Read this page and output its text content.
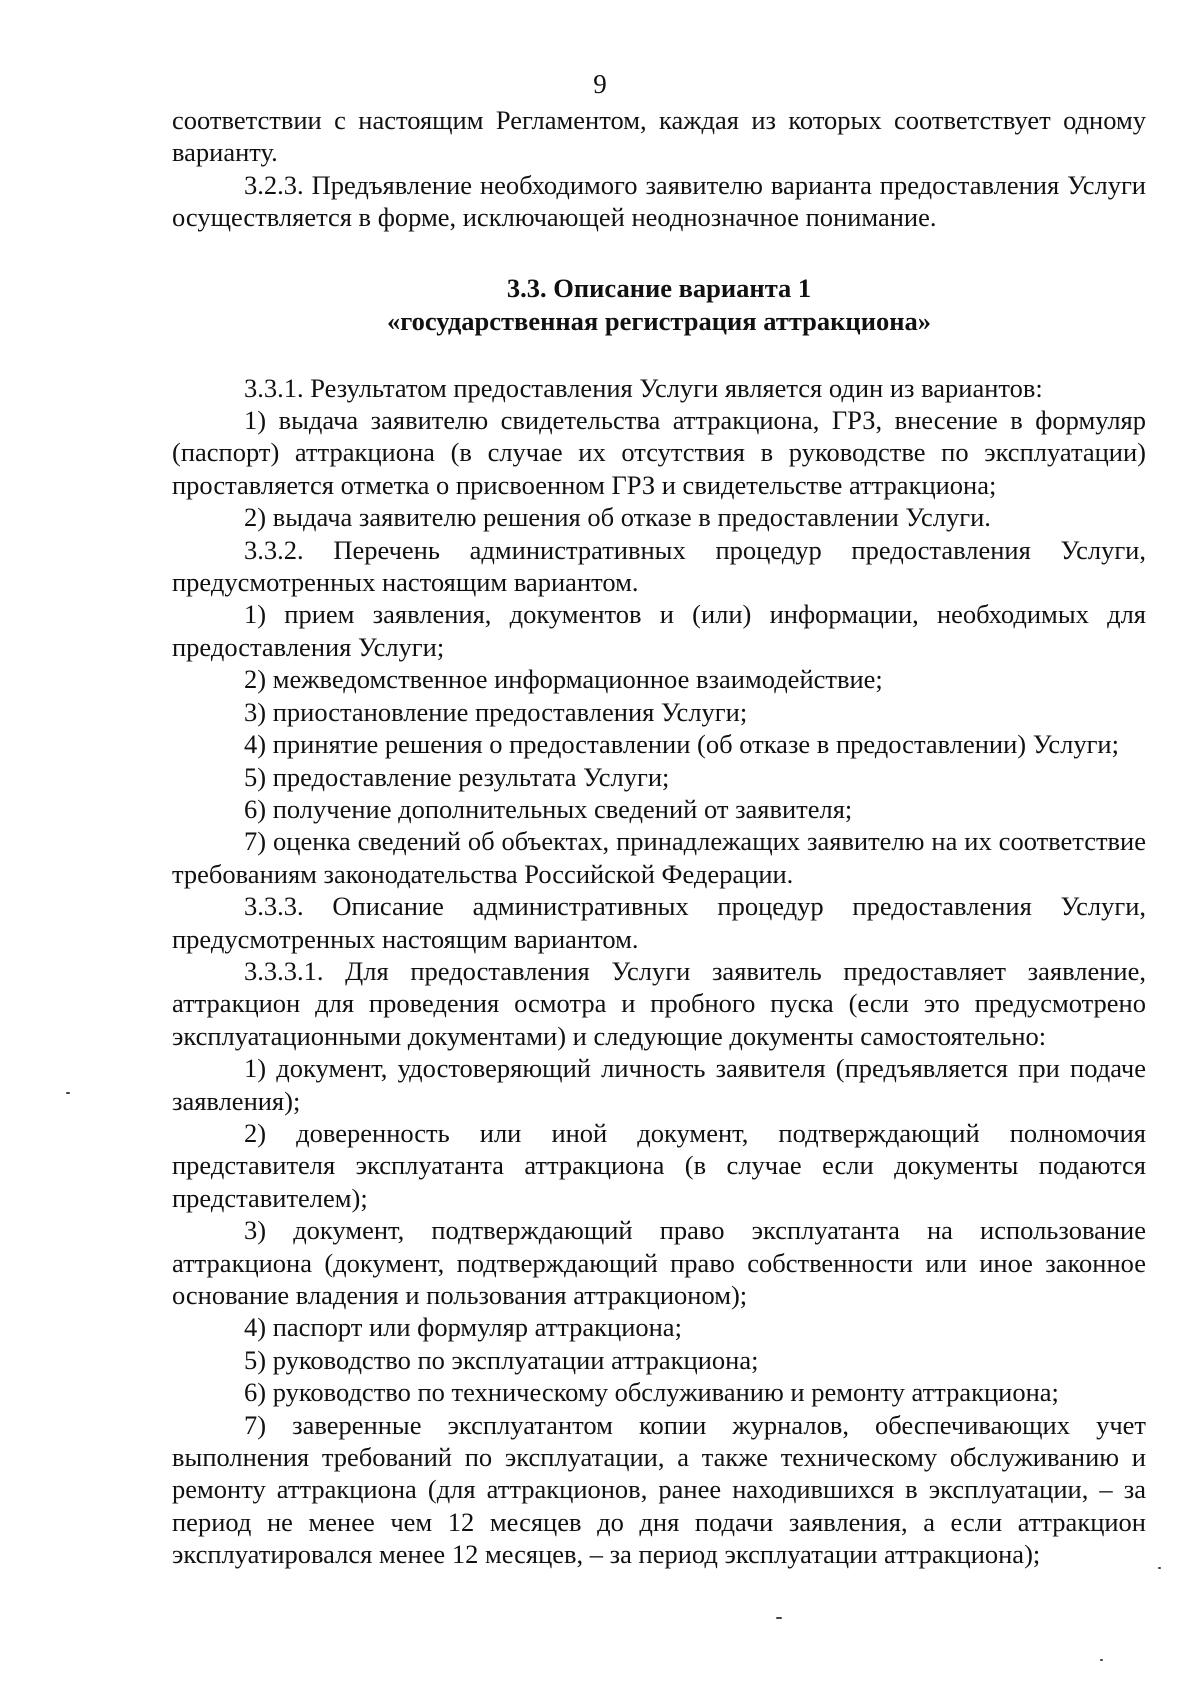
9

соответствии с настоящим Регламентом, каждая из которых соответствует одному варианту.

3.2.3. Предъявление необходимого заявителю варианта предоставления Услуги осуществляется в форме, исключающей неоднозначное понимание.

3.3. Описание варианта 1
«государственная регистрация аттракциона»

3.3.1. Результатом предоставления Услуги является один из вариантов:

1) выдача заявителю свидетельства аттракциона, ГРЗ, внесение в формуляр (паспорт) аттракциона (в случае их отсутствия в руководстве по эксплуатации) проставляется отметка о присвоенном ГРЗ и свидетельстве аттракциона;

2) выдача заявителю решения об отказе в предоставлении Услуги.

3.3.2. Перечень административных процедур предоставления Услуги, предусмотренных настоящим вариантом.

1) прием заявления, документов и (или) информации, необходимых для предоставления Услуги;

2) межведомственное информационное взаимодействие;

3) приостановление предоставления Услуги;

4) принятие решения о предоставлении (об отказе в предоставлении) Услуги;

5) предоставление результата Услуги;

6) получение дополнительных сведений от заявителя;

7) оценка сведений об объектах, принадлежащих заявителю на их соответствие требованиям законодательства Российской Федерации.

3.3.3. Описание административных процедур предоставления Услуги, предусмотренных настоящим вариантом.

3.3.3.1. Для предоставления Услуги заявитель предоставляет заявление, аттракцион для проведения осмотра и пробного пуска (если это предусмотрено эксплуатационными документами) и следующие документы самостоятельно:

1) документ, удостоверяющий личность заявителя (предъявляется при подаче заявления);

2) доверенность или иной документ, подтверждающий полномочия представителя эксплуатанта аттракциона (в случае если документы подаются представителем);

3) документ, подтверждающий право эксплуатанта на использование аттракциона (документ, подтверждающий право собственности или иное законное основание владения и пользования аттракционом);

4) паспорт или формуляр аттракциона;

5) руководство по эксплуатации аттракциона;

6) руководство по техническому обслуживанию и ремонту аттракциона;

7) заверенные эксплуатантом копии журналов, обеспечивающих учет выполнения требований по эксплуатации, а также техническому обслуживанию и ремонту аттракциона (для аттракционов, ранее находившихся в эксплуатации, – за период не менее чем 12 месяцев до дня подачи заявления, а если аттракцион эксплуатировался менее 12 месяцев, – за период эксплуатации аттракциона);
